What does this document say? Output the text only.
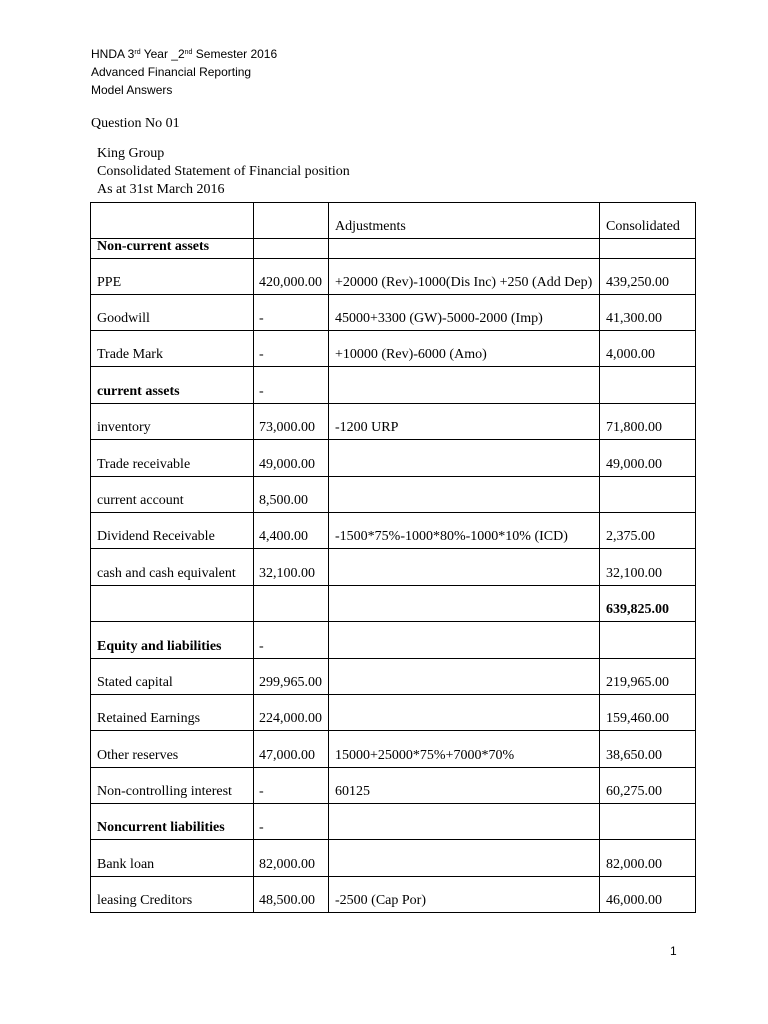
HNDA 3rd Year _2nd Semester 2016
Advanced Financial Reporting
Model Answers
Question No 01
King Group
Consolidated Statement of Financial position
As at 31st March 2016
		Adjustments	Consolidated
Non-current assets			
PPE	420,000.00	+20000 (Rev)-1000(Dis Inc) +250 (Add Dep)	439,250.00
Goodwill	-	45000+3300 (GW)-5000-2000 (Imp)	41,300.00
Trade Mark	-	+10000 (Rev)-6000 (Amo)	4,000.00
current assets	-		
inventory	73,000.00	-1200 URP	71,800.00
Trade receivable	49,000.00		49,000.00
current account	8,500.00		
Dividend Receivable	4,400.00	-1500*75%-1000*80%-1000*10% (ICD)	2,375.00
cash and cash equivalent	32,100.00		32,100.00
			639,825.00
Equity and liabilities	-		
Stated capital	299,965.00		219,965.00
Retained Earnings	224,000.00		159,460.00
Other reserves	47,000.00	15000+25000*75%+7000*70%	38,650.00
Non-controlling interest	-	60125	60,275.00
Noncurrent liabilities	-		
Bank loan	82,000.00		82,000.00
leasing Creditors	48,500.00	-2500 (Cap Por)	46,000.00
1
